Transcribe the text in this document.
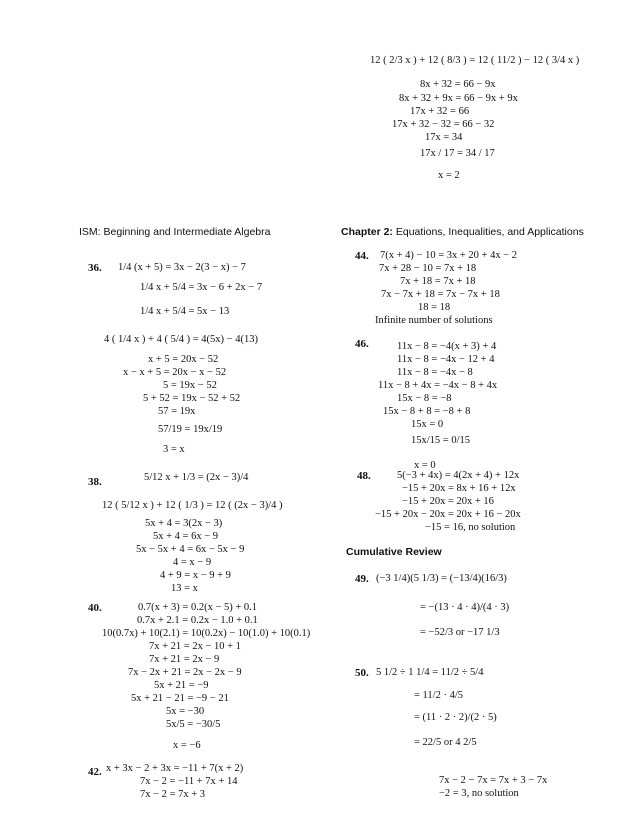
ISM: Beginning and Intermediate Algebra	Chapter 2: Equations, Inequalities, and Applications
12 ( 2/3 x ) + 12 ( 8/3 ) = 12 ( 11/2 ) − 12 ( 3/4 x )
8x + 32 = 66 − 9x
8x + 32 + 9x = 66 − 9x + 9x
17x + 32 = 66
17x + 32 − 32 = 66 − 32
17x = 34
17x / 17 = 34 / 17
x = 2
36. 1/4 (x + 5) = 3x − 2(3 − x) − 7
1/4 x + 5/4 = 3x − 6 + 2x − 7
1/4 x + 5/4 = 5x − 13
4 ( 1/4 x ) + 4 ( 5/4 ) = 4(5x) − 4(13)
x + 5 = 20x − 52
x − x + 5 = 20x − x − 52
5 = 19x − 52
5 + 52 = 19x − 52 + 52
57 = 19x
57/19 = 19x/19
3 = x
38.	5/12 x + 1/3 = (2x − 3)/4
12 ( 5/12 x ) + 12 ( 1/3 ) = 12 ( (2x − 3)/4 )
5x + 4 = 3(2x − 3)
5x + 4 = 6x − 9
5x − 5x + 4 = 6x − 5x − 9
4 = x − 9
4 + 9 = x − 9 + 9
13 = x
40.	0.7(x + 3) = 0.2(x − 5) + 0.1
0.7x + 2.1 = 0.2x − 1.0 + 0.1
10(0.7x) + 10(2.1) = 10(0.2x) − 10(1.0) + 10(0.1)
7x + 21 = 2x − 10 + 1
7x + 21 = 2x − 9
7x − 2x + 21 = 2x − 2x − 9
5x + 21 = −9
5x + 21 − 21 = −9 − 21
5x = −30
5x/5 = −30/5
x = −6
42. x + 3x − 2 + 3x = −11 + 7(x + 2)
7x − 2 = −11 + 7x + 14
7x − 2 = 7x + 3
44. 7(x + 4) − 10 = 3x + 20 + 4x − 2
7x + 28 − 10 = 7x + 18
7x + 18 = 7x + 18
7x − 7x + 18 = 7x − 7x + 18
18 = 18
Infinite number of solutions
46.	11x − 8 = −4(x + 3) + 4
11x − 8 = −4x − 12 + 4
11x − 8 = −4x − 8
11x − 8 + 4x = −4x − 8 + 4x
15x − 8 = −8
15x − 8 + 8 = −8 + 8
15x = 0
15x/15 = 0/15
x = 0
48.	5(−3 + 4x) = 4(2x + 4) + 12x
−15 + 20x = 8x + 16 + 12x
−15 + 20x = 20x + 16
−15 + 20x − 20x = 20x + 16 − 20x
−15 = 16, no solution
Cumulative Review
49. (−3 1/4)(5 1/3) = (−13/4)(16/3)
= −(13 · 4 · 4)/(4 · 3)
= −52/3 or −17 1/3
50. 5 1/2 ÷ 1 1/4 = 11/2 ÷ 5/4
= 11/2 · 4/5
= (11 · 2 · 2)/(2 · 5)
= 22/5 or 4 2/5
7x − 2 − 7x = 7x + 3 − 7x
−2 = 3, no solution
